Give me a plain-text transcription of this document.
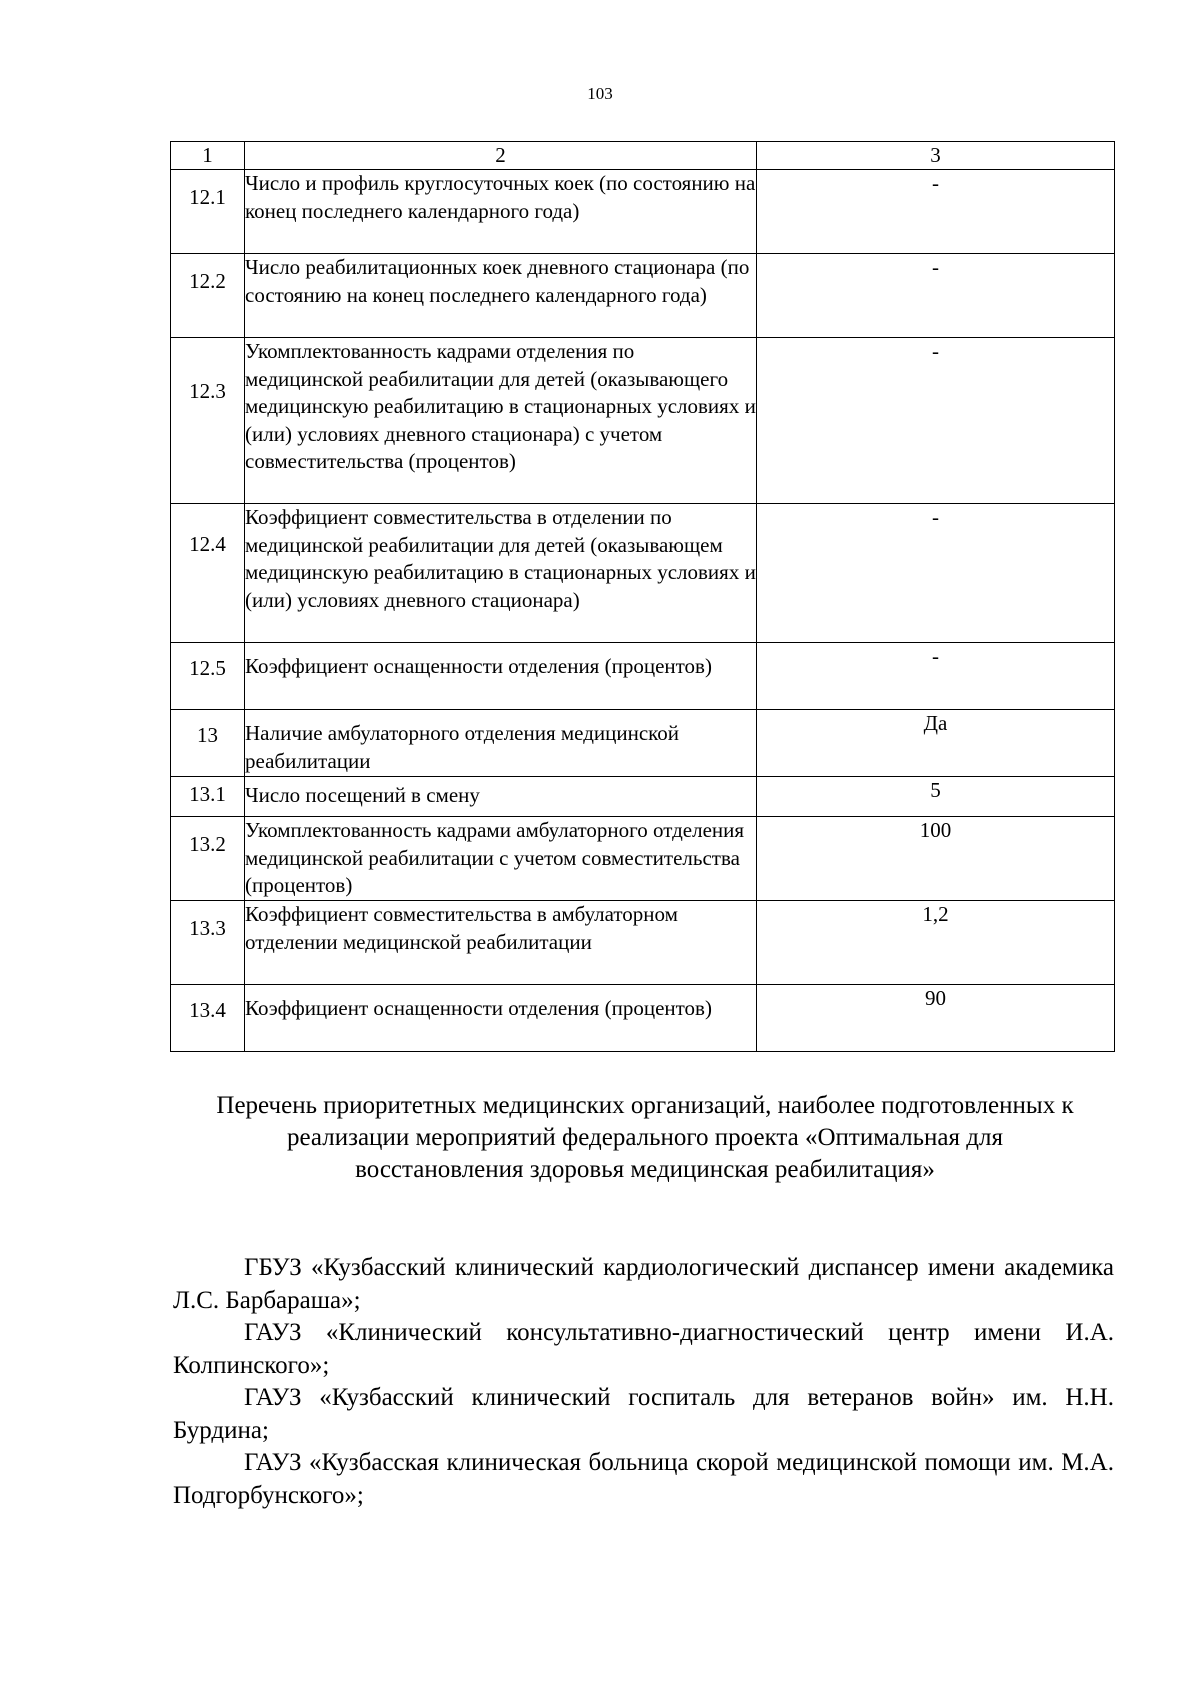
103
1	2	3
12.1	Число и профиль круглосуточных коек (по состоянию на конец последнего календарного года)	-
12.2	Число реабилитационных коек дневного стационара (по состоянию на конец последнего календарного года)	-
12.3	Укомплектованность кадрами отделения по медицинской реабилитации для детей (оказывающего медицинскую реабилитацию в стационарных условиях и (или) условиях дневного стационара) с учетом совместительства (процентов)	-
12.4	Коэффициент совместительства в отделении по медицинской реабилитации для детей (оказывающем медицинскую реабилитацию в стационарных условиях и (или) условиях дневного стационара)	-
12.5	Коэффициент оснащенности отделения (процентов)	-
13	Наличие амбулаторного отделения медицинской реабилитации	Да
13.1	Число посещений в смену	5
13.2	Укомплектованность кадрами амбулаторного отделения медицинской реабилитации с учетом совместительства (процентов)	100
13.3	Коэффициент совместительства в амбулаторном отделении медицинской реабилитации	1,2
13.4	Коэффициент оснащенности отделения (процентов)	90
Перечень приоритетных медицинских организаций, наиболее подготовленных к реализации мероприятий федерального проекта «Оптимальная для восстановления здоровья медицинская реабилитация»

ГБУЗ «Кузбасский клинический кардиологический диспансер имени академика Л.С. Барбараша»;

ГАУЗ «Клинический консультативно-диагностический центр имени И.А. Колпинского»;

ГАУЗ «Кузбасский клинический госпиталь для ветеранов войн» им. Н.Н. Бурдина;

ГАУЗ «Кузбасская клиническая больница скорой медицинской помощи им. М.А. Подгорбунского»;
